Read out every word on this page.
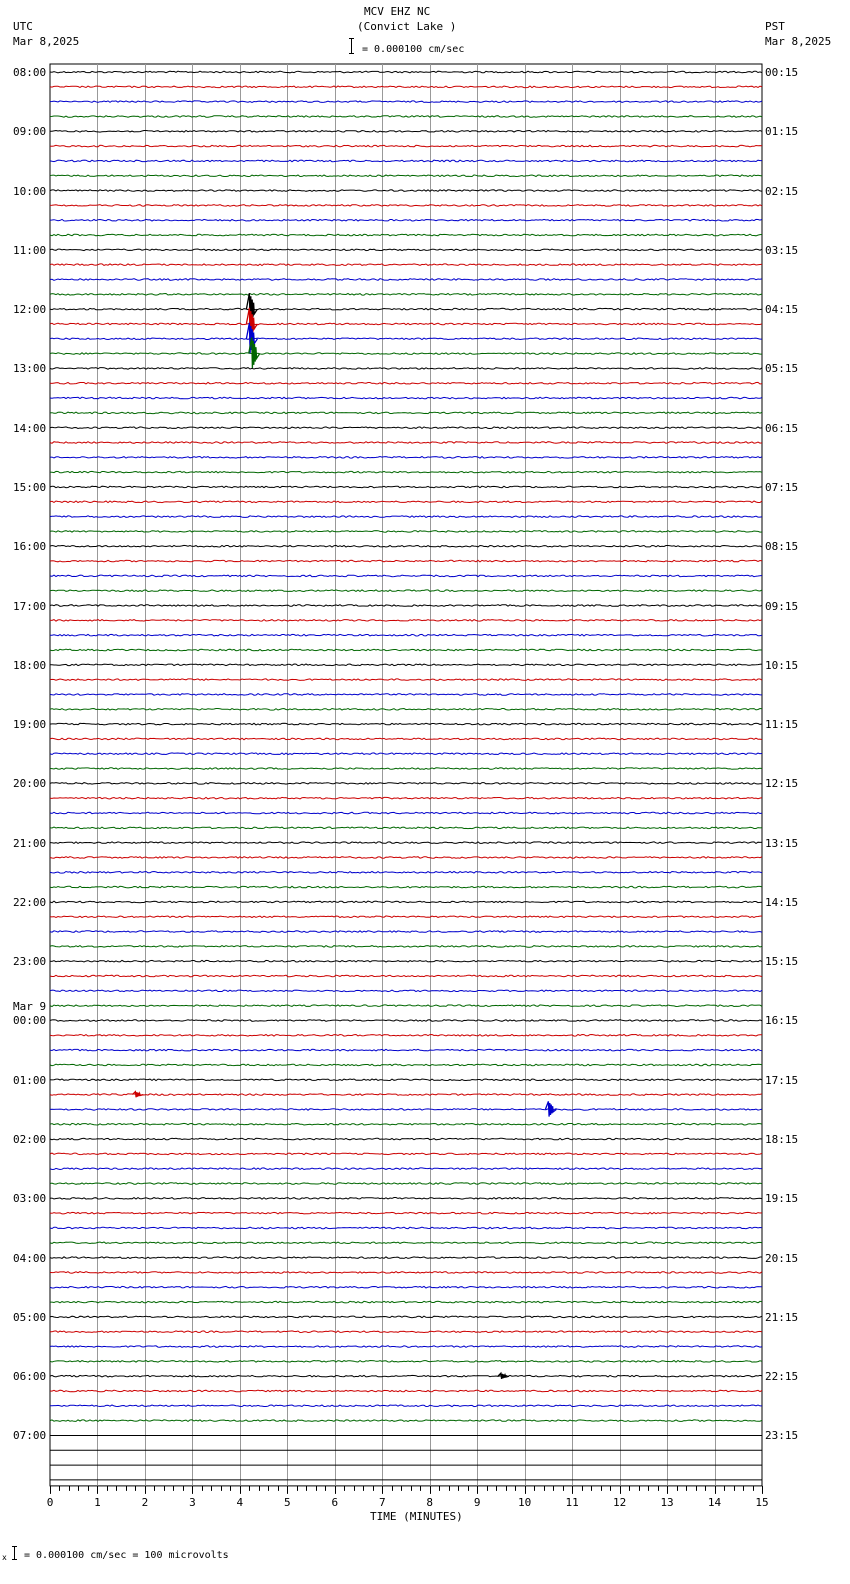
0	1	2	3	4	5	6	7	8	9	10	11	12	13	14	15
MCV EHZ NC
(Convict Lake )
= 0.000100 cm/sec
UTC
Mar 8,2025
PST
Mar 8,2025
08:00
09:00
10:00
11:00
12:00
13:00
14:00
15:00
16:00
17:00
18:00
19:00
20:00
21:00
22:00
23:00
Mar 9
00:00
01:00
02:00
03:00
04:00
05:00
06:00
07:00
00:15
01:15
02:15
03:15
04:15
05:15
06:15
07:15
08:15
09:15
10:15
11:15
12:15
13:15
14:15
15:15
16:15
17:15
18:15
19:15
20:15
21:15
22:15
23:15
TIME (MINUTES)
x = 0.000100 cm/sec = 100 microvolts
